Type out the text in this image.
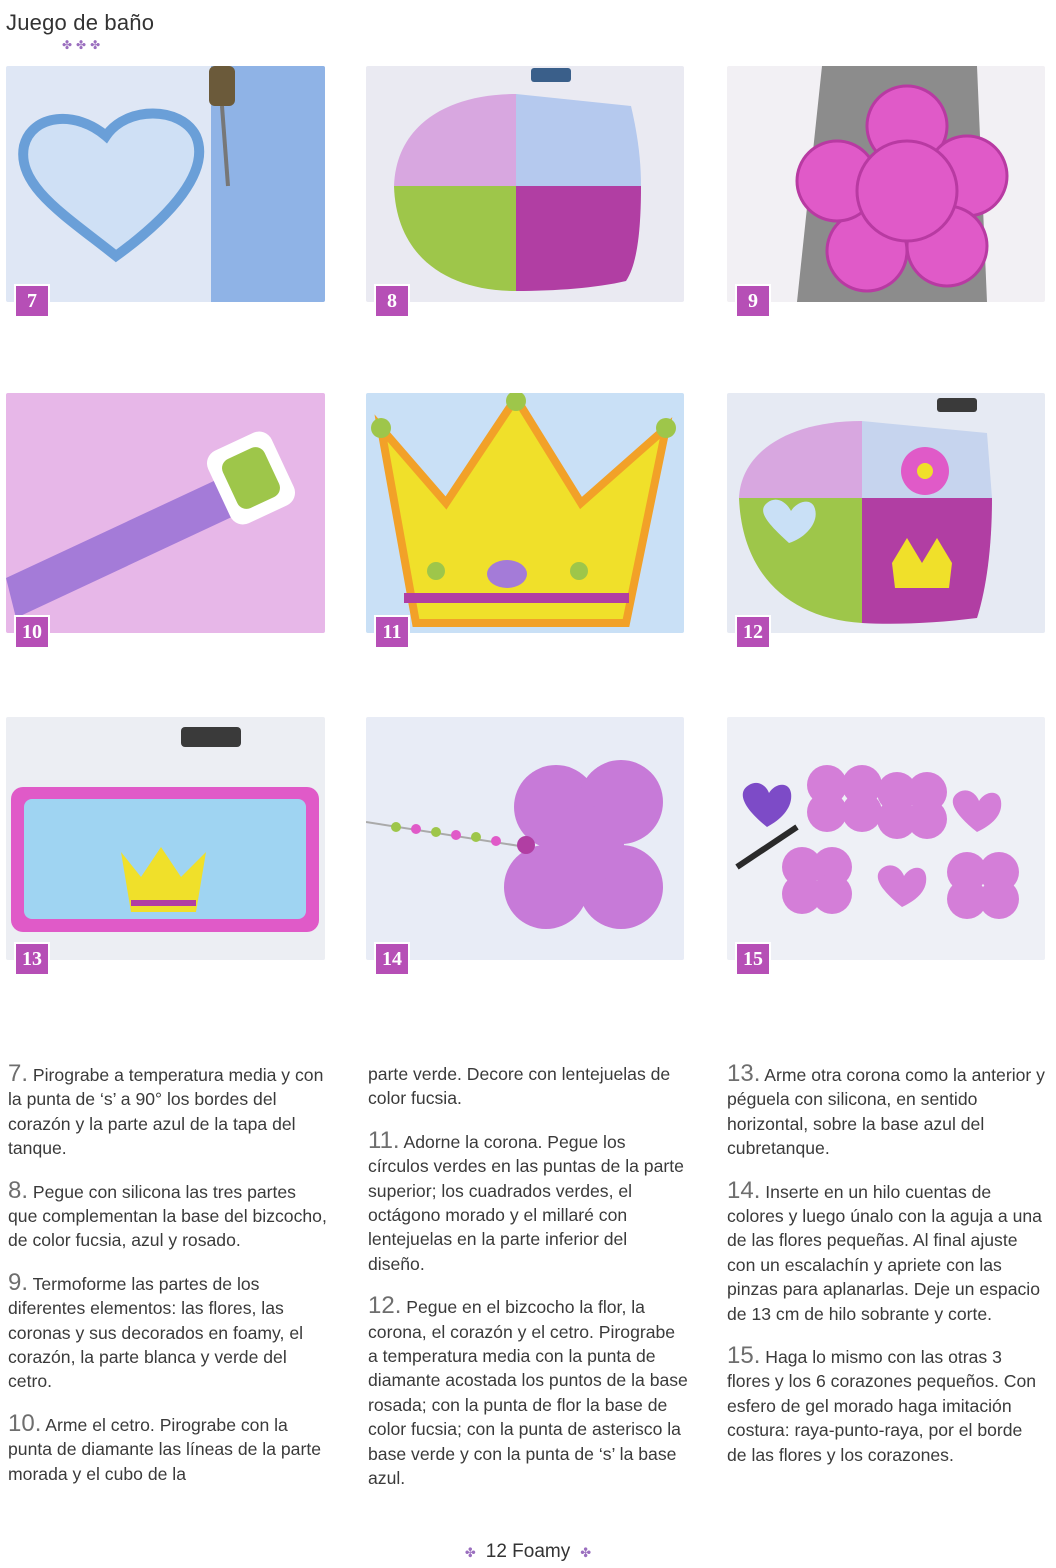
Juego de baño
✤✤✤
7	8	9
10	11	12
13	14	15

7. Pirograbe a temperatura media y con la punta de ‘s’ a 90° los bordes del corazón y la parte azul de la tapa del tanque.

8. Pegue con silicona las tres partes que complementan la base del bizcocho, de color fucsia, azul y rosado.

9. Termoforme las partes de los diferentes elementos: las flores, las coronas y sus decorados en foamy, el corazón, la parte blanca y verde del cetro.

10. Arme el cetro. Pirograbe con la punta de diamante las líneas de la parte morada y el cubo de la

parte verde. Decore con lentejuelas de color fucsia.

11. Adorne la corona. Pegue los círculos verdes en las puntas de la parte superior; los cuadrados verdes, el octágono morado y el millaré con lentejuelas en la parte inferior del diseño.

12. Pegue en el bizcocho la flor, la corona, el corazón y el cetro. Pirograbe a temperatura media con la punta de diamante acostada los puntos de la base rosada; con la punta de flor la base de color fucsia; con la punta de asterisco la base verde y con la punta de ‘s’ la base azul.

13. Arme otra corona como la anterior y péguela con silicona, en sentido horizontal, sobre la base azul del cubretanque.

14. Inserte en un hilo cuentas de colores y luego únalo con la aguja a una de las flores pequeñas. Al final ajuste con un escalachín y apriete con las pinzas para aplanarlas. Deje un espacio de 13 cm de hilo sobrante y corte.

15. Haga lo mismo con las otras 3 flores y los 6 corazones pequeños. Con esfero de gel morado haga imitación costura: raya-punto-raya, por el borde de las flores y los corazones.

✤ 12 Foamy ✤
